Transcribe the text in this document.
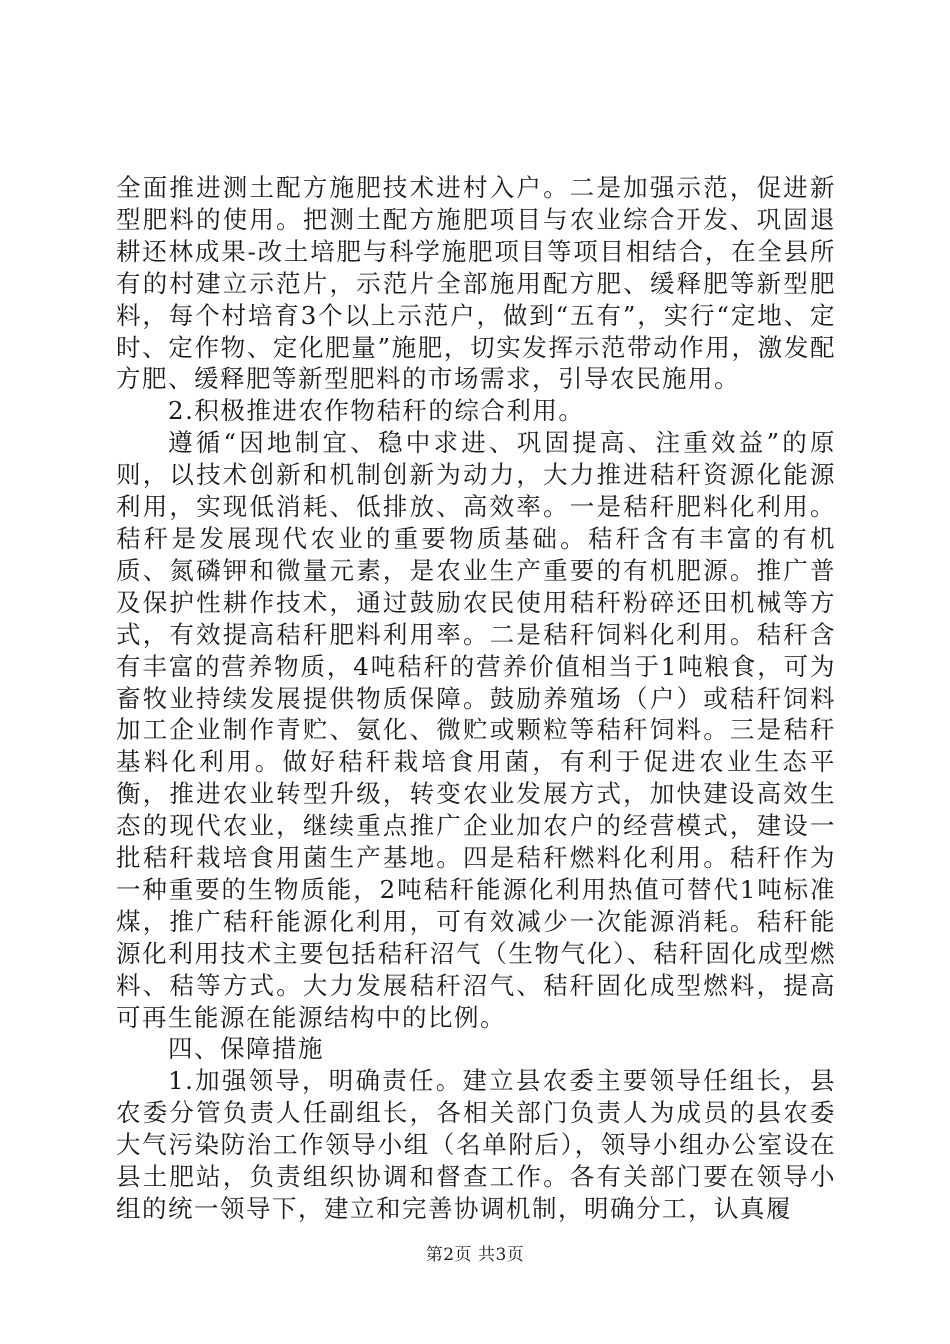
全面推进测土配方施肥技术进村入户。二是加强示范，促进新型肥料的使用。把测土配方施肥项目与农业综合开发、巩固退耕还林成果-改土培肥与科学施肥项目等项目相结合，在全县所有的村建立示范片，示范片全部施用配方肥、缓释肥等新型肥料，每个村培育3个以上示范户，做到“五有”，实行“定地、定时、定作物、定化肥量”施肥，切实发挥示范带动作用，激发配方肥、缓释肥等新型肥料的市场需求，引导农民施用。

2.积极推进农作物秸秆的综合利用。

遵循“因地制宜、稳中求进、巩固提高、注重效益”的原则，以技术创新和机制创新为动力，大力推进秸秆资源化能源利用，实现低消耗、低排放、高效率。一是秸秆肥料化利用。秸秆是发展现代农业的重要物质基础。秸秆含有丰富的有机质、氮磷钾和微量元素，是农业生产重要的有机肥源。推广普及保护性耕作技术，通过鼓励农民使用秸秆粉碎还田机械等方式，有效提高秸秆肥料利用率。二是秸秆饲料化利用。秸秆含有丰富的营养物质，4吨秸秆的营养价值相当于1吨粮食，可为畜牧业持续发展提供物质保障。鼓励养殖场（户）或秸秆饲料加工企业制作青贮、氨化、微贮或颗粒等秸秆饲料。三是秸秆基料化利用。做好秸秆栽培食用菌，有利于促进农业生态平衡，推进农业转型升级，转变农业发展方式，加快建设高效生态的现代农业，继续重点推广企业加农户的经营模式，建设一批秸秆栽培食用菌生产基地。四是秸秆燃料化利用。秸秆作为一种重要的生物质能，2吨秸秆能源化利用热值可替代1吨标准煤，推广秸秆能源化利用，可有效减少一次能源消耗。秸秆能源化利用技术主要包括秸秆沼气（生物气化）、秸秆固化成型燃料、秸等方式。大力发展秸秆沼气、秸秆固化成型燃料，提高可再生能源在能源结构中的比例。

四、保障措施

1.加强领导，明确责任。建立县农委主要领导任组长，县农委分管负责人任副组长，各相关部门负责人为成员的县农委大气污染防治工作领导小组（名单附后），领导小组办公室设在县土肥站，负责组织协调和督查工作。各有关部门要在领导小组的统一领导下，建立和完善协调机制，明确分工，认真履

第2页 共3页
